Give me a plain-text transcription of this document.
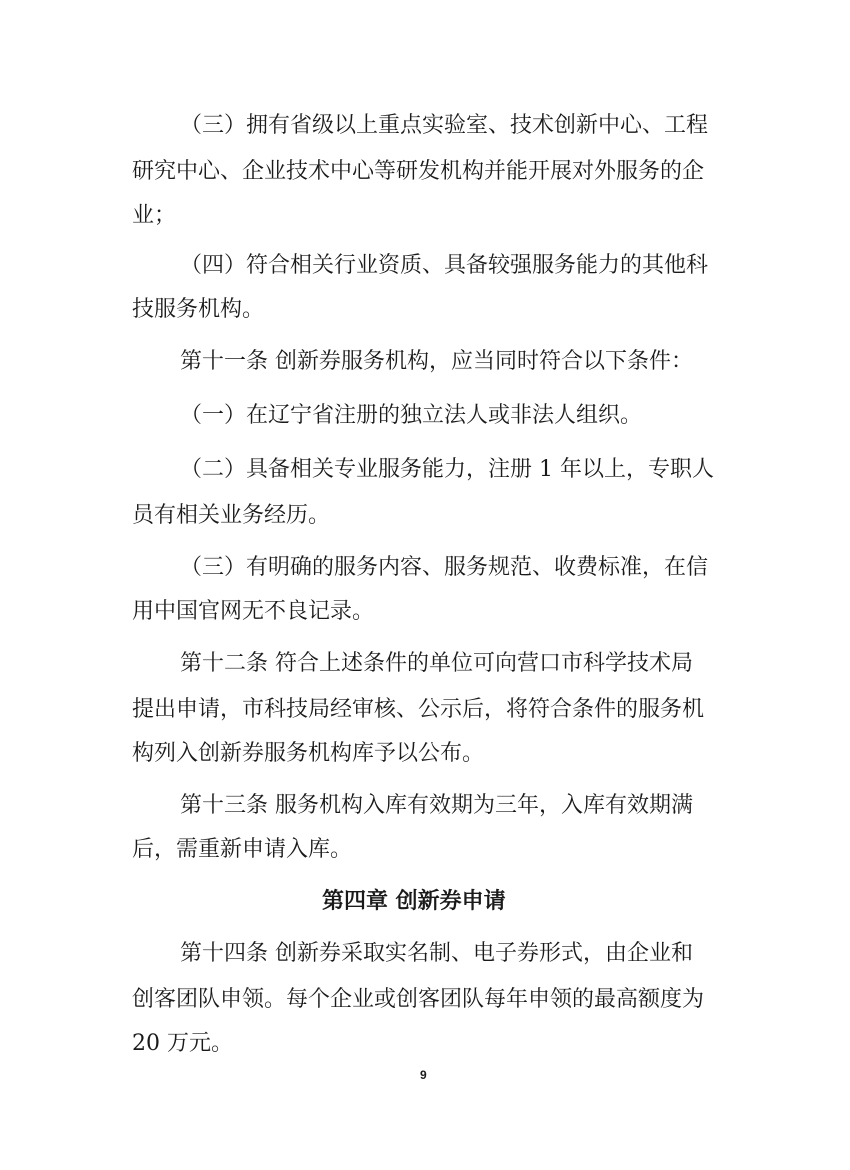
（三）拥有省级以上重点实验室、技术创新中心、工程
研究中心、企业技术中心等研发机构并能开展对外服务的企
业；
（四）符合相关行业资质、具备较强服务能力的其他科
技服务机构。
第十一条 创新券服务机构，应当同时符合以下条件：
（一）在辽宁省注册的独立法人或非法人组织。
（二）具备相关专业服务能力，注册 1 年以上，专职人
员有相关业务经历。
（三）有明确的服务内容、服务规范、收费标准，在信
用中国官网无不良记录。
第十二条 符合上述条件的单位可向营口市科学技术局
提出申请，市科技局经审核、公示后，将符合条件的服务机
构列入创新券服务机构库予以公布。
第十三条 服务机构入库有效期为三年，入库有效期满
后，需重新申请入库。
第四章 创新券申请
第十四条 创新券采取实名制、电子券形式，由企业和
创客团队申领。每个企业或创客团队每年申领的最高额度为
20 万元。
9
